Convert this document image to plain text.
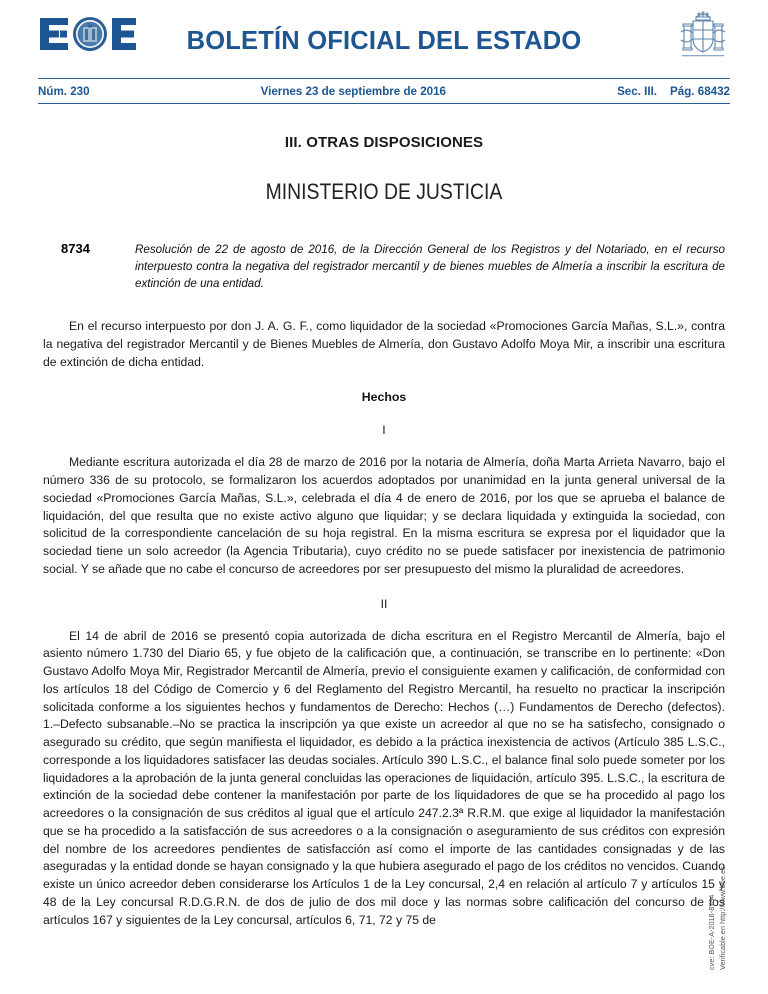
BOLETÍN OFICIAL DEL ESTADO
Núm. 230	Viernes 23 de septiembre de 2016	Sec. III. Pág. 68432
III. OTRAS DISPOSICIONES
MINISTERIO DE JUSTICIA
8734	Resolución de 22 de agosto de 2016, de la Dirección General de los Registros y del Notariado, en el recurso interpuesto contra la negativa del registrador mercantil y de bienes muebles de Almería a inscribir la escritura de extinción de una entidad.

En el recurso interpuesto por don J. A. G. F., como liquidador de la sociedad «Promociones García Mañas, S.L.», contra la negativa del registrador Mercantil y de Bienes Muebles de Almería, don Gustavo Adolfo Moya Mir, a inscribir una escritura de extinción de dicha entidad.

Hechos
I

Mediante escritura autorizada el día 28 de marzo de 2016 por la notaria de Almería, doña Marta Arrieta Navarro, bajo el número 336 de su protocolo, se formalizaron los acuerdos adoptados por unanimidad en la junta general universal de la sociedad «Promociones García Mañas, S.L.», celebrada el día 4 de enero de 2016, por los que se aprueba el balance de liquidación, del que resulta que no existe activo alguno que liquidar; y se declara liquidada y extinguida la sociedad, con solicitud de la correspondiente cancelación de su hoja registral. En la misma escritura se expresa por el liquidador que la sociedad tiene un solo acreedor (la Agencia Tributaria), cuyo crédito no se puede satisfacer por inexistencia de patrimonio social. Y se añade que no cabe el concurso de acreedores por ser presupuesto del mismo la pluralidad de acreedores.

II

El 14 de abril de 2016 se presentó copia autorizada de dicha escritura en el Registro Mercantil de Almería, bajo el asiento número 1.730 del Diario 65, y fue objeto de la calificación que, a continuación, se transcribe en lo pertinente: «Don Gustavo Adolfo Moya Mir, Registrador Mercantil de Almería, previo el consiguiente examen y calificación, de conformidad con los artículos 18 del Código de Comercio y 6 del Reglamento del Registro Mercantil, ha resuelto no practicar la inscripción solicitada conforme a los siguientes hechos y fundamentos de Derecho: Hechos (…) Fundamentos de Derecho (defectos). 1.–Defecto subsanable.–No se practica la inscripción ya que existe un acreedor al que no se ha satisfecho, consignado o asegurado su crédito, que según manifiesta el liquidador, es debido a la práctica inexistencia de activos (Artículo 385 L.S.C., corresponde a los liquidadores satisfacer las deudas sociales. Artículo 390 L.S.C., el balance final solo puede someter por los liquidadores a la aprobación de la junta general concluidas las operaciones de liquidación, artículo 395. L.S.C., la escritura de extinción de la sociedad debe contener la manifestación por parte de los liquidadores de que se ha procedido al pago los acreedores o la consignación de sus créditos al igual que el artículo 247.2.3ª R.R.M. que exige al liquidador la manifestación que se ha procedido a la satisfacción de sus acreedores o a la consignación o aseguramiento de sus créditos con expresión del nombre de los acreedores pendientes de satisfacción así como el importe de las cantidades consignadas y de las aseguradas y la entidad donde se hayan consignado y la que hubiera asegurado el pago de los créditos no vencidos. Cuando existe un único acreedor deben considerarse los Artículos 1 de la Ley concursal, 2,4 en relación al artículo 7 y artículos 15 y 48 de la Ley concursal R.D.G.R.N. de dos de julio de dos mil doce y las normas sobre calificación del concurso de los artículos 167 y siguientes de la Ley concursal, artículos 6, 71, 72 y 75 de	cve: BOE-A-2016-8734 Verificable en http://www.boe.es
